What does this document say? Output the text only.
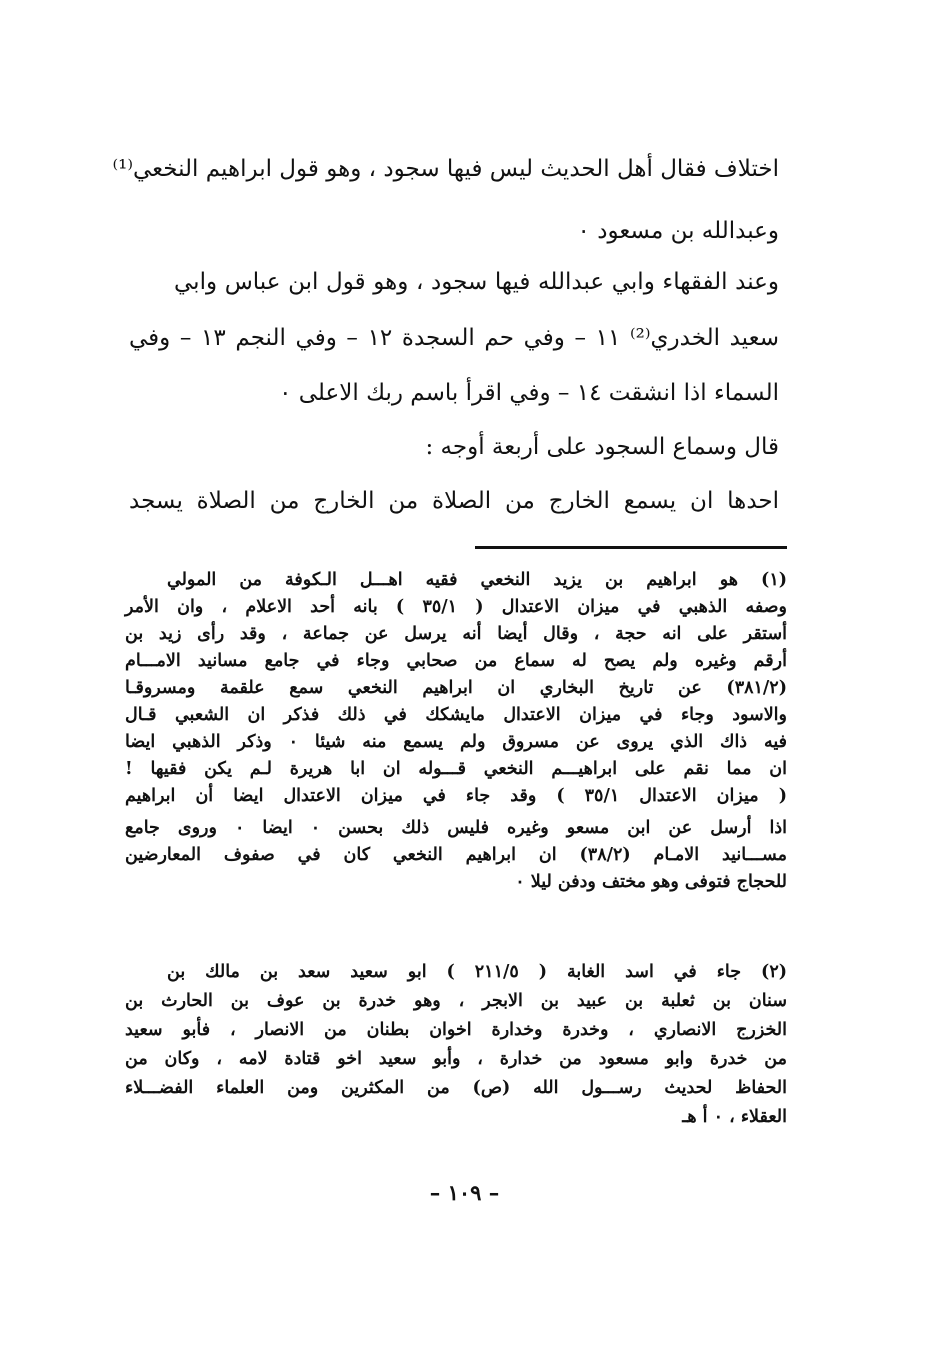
اختلاف فقال أهل الحديث ليس فيها سجود ، وهو قول ابراهيم النخعي⁽¹⁾
وعبدالله بن مسعود ٠
وعند الفقهاء وابي عبدالله فيها سجود ، وهو قول ابن عباس وابي
سعيد الخدري⁽²⁾ ١١ – وفي حم السجدة ١٢ – وفي النجم ١٣ – وفي
السماء اذا انشقت ١٤ – وفي اقرأ باسم ربك الاعلى ٠
قال وسماع السجود على أربعة أوجه :
احدها ان يسمع الخارج من الصلاة من الخارج من الصلاة يسجد
(١) هو ابراهيم بن يزيد النخعي فقيه اهـــل الـكوفة من المولي
وصفه الذهبي في ميزان الاعتدال ( ٣٥/١ ) بانه أحد الاعلام ، وان الأمر
أستقر على انه حجة ، وقال أيضا أنه يرسل عن جماعة ، وقد رأى زيد بن
أرقم وغيره ولم يصح له سماع من صحابي وجاء في جامع مسانيد الامـــام
(٣٨١/٢) عن تاريخ البخاري ان ابراهيم النخعي سمع علقمة ومسروقـا
والاسود وجاء في ميزان الاعتدال مايشكك في ذلك فذكر ان الشعبي قـال
فيه ذاك الذي يروى عن مسروق ولم يسمع منه شيئا ٠ وذكر الذهبي ايضا
ان مما نقم على ابراهيـــم النخعي قـــوله ان ابا هريرة لـم يكن فقيها !
( ميزان الاعتدال ٣٥/١ ) وقد جاء في ميزان الاعتدال ايضا أن ابراهيم
اذا أرسل عن ابن مسعو وغيره فليس ذلك بحسن ٠ ايضا ٠ وروى جامع
مســـانيد الامـام (٣٨/٢) ان ابراهيم النخعي كان في صفوف المعارضين
للحجاج فتوفى وهو مختف ودفن ليلا ٠
(٢) جاء في اسد الغابة ( ٢١١/٥ ) ابو سعيد سعد بن مالك بن
سنان بن ثعلبة بن عبيد بن الابجر ، وهو خدرة بن عوف بن الحارث بن
الخزرج الانصاري ، وخدرة وخدارة اخوان بطنان من الانصار ، فأبو سعيد
من خدرة وابو مسعود من خدارة ، وأبو سعيد اخو قتادة لامه ، وكان من
الحفاظ لحديث رســـول الله (ص) من المكثرين ومن العلماء الفضـــلاء
العقلاء ، ٠ أ هـ
– ١٠٩ –
